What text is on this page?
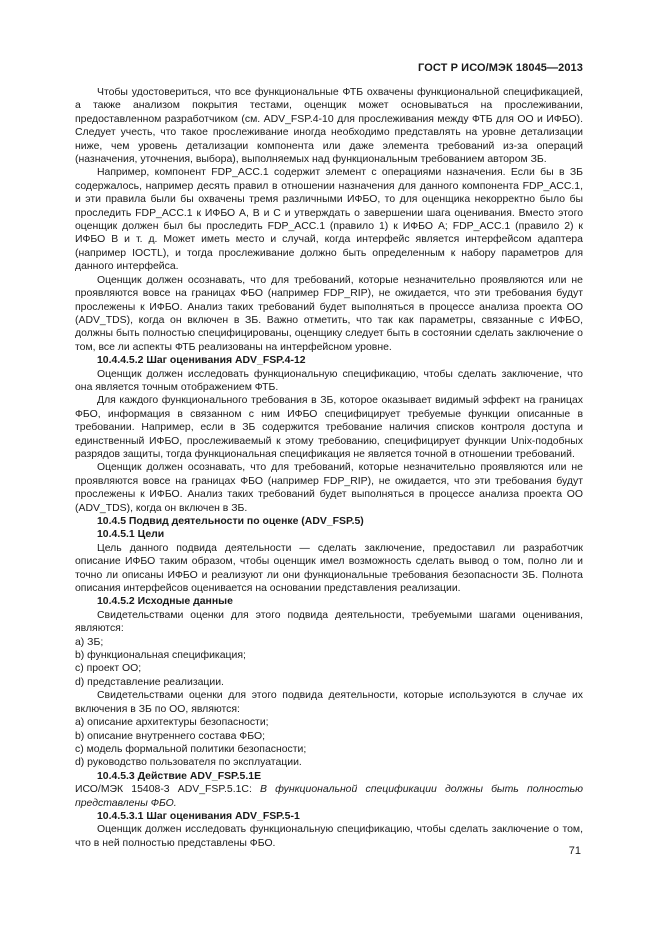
ГОСТ Р ИСО/МЭК 18045—2013

Чтобы удостовериться, что все функциональные ФТБ охвачены функциональной спецификацией, а также анализом покрытия тестами, оценщик может основываться на прослеживании, предоставленном разработчиком (см. ADV_FSP.4-10 для прослеживания между ФТБ для ОО и ИФБО). Следует учесть, что такое прослеживание иногда необходимо представлять на уровне детализации ниже, чем уровень детализации компонента или даже элемента требований из-за операций (назначения, уточнения, выбора), выполняемых над функциональным требованием автором ЗБ.

Например, компонент FDP_ACC.1 содержит элемент с операциями назначения. Если бы в ЗБ содержалось, например десять правил в отношении назначения для данного компонента FDP_ACC.1, и эти правила были бы охвачены тремя различными ИФБО, то для оценщика некорректно было бы проследить FDP_ACC.1 к ИФБО А, В и С и утверждать о завершении шага оценивания. Вместо этого оценщик должен был бы проследить FDP_ACC.1 (правило 1) к ИФБО А; FDP_ACC.1 (правило 2) к ИФБО В и т. д. Может иметь место и случай, когда интерфейс является интерфейсом адаптера (например IOCTL), и тогда прослеживание должно быть определенным к набору параметров для данного интерфейса.

Оценщик должен осознавать, что для требований, которые незначительно проявляются или не проявляются вовсе на границах ФБО (например FDP_RIP), не ожидается, что эти требования будут прослежены к ИФБО. Анализ таких требований будет выполняться в процессе анализа проекта ОО (ADV_TDS), когда он включен в ЗБ. Важно отметить, что так как параметры, связанные с ИФБО, должны быть полностью специфицированы, оценщику следует быть в состоянии сделать заключение о том, все ли аспекты ФТБ реализованы на интерфейсном уровне.

10.4.4.5.2 Шаг оценивания ADV_FSP.4-12

Оценщик должен исследовать функциональную спецификацию, чтобы сделать заключение, что она является точным отображением ФТБ.

Для каждого функционального требования в ЗБ, которое оказывает видимый эффект на границах ФБО, информация в связанном с ним ИФБО специфицирует требуемые функции описанные в требовании. Например, если в ЗБ содержится требование наличия списков контроля доступа и единственный ИФБО, прослеживаемый к этому требованию, специфицирует функции Unix-подобных разрядов защиты, тогда функциональная спецификация не является точной в отношении требований.

Оценщик должен осознавать, что для требований, которые незначительно проявляются или не проявляются вовсе на границах ФБО (например FDP_RIP), не ожидается, что эти требования будут прослежены к ИФБО. Анализ таких требований будет выполняться в процессе анализа проекта ОО (ADV_TDS), когда он включен в ЗБ.

10.4.5 Подвид деятельности по оценке (ADV_FSP.5)

10.4.5.1 Цели

Цель данного подвида деятельности — сделать заключение, предоставил ли разработчик описание ИФБО таким образом, чтобы оценщик имел возможность сделать вывод о том, полно ли и точно ли описаны ИФБО и реализуют ли они функциональные требования безопасности ЗБ. Полнота описания интерфейсов оценивается на основании представления реализации.

10.4.5.2 Исходные данные

Свидетельствами оценки для этого подвида деятельности, требуемыми шагами оценивания, являются:

a) ЗБ;

b) функциональная спецификация;

c) проект ОО;

d) представление реализации.

Свидетельствами оценки для этого подвида деятельности, которые используются в случае их включения в ЗБ по ОО, являются:

a) описание архитектуры безопасности;

b) описание внутреннего состава ФБО;

c) модель формальной политики безопасности;

d) руководство пользователя по эксплуатации.

10.4.5.3 Действие ADV_FSP.5.1E

ИСО/МЭК 15408-3 ADV_FSP.5.1C: В функциональной спецификации должны быть полностью представлены ФБО.

10.4.5.3.1 Шаг оценивания ADV_FSP.5-1

Оценщик должен исследовать функциональную спецификацию, чтобы сделать заключение о том, что в ней полностью представлены ФБО.

71
